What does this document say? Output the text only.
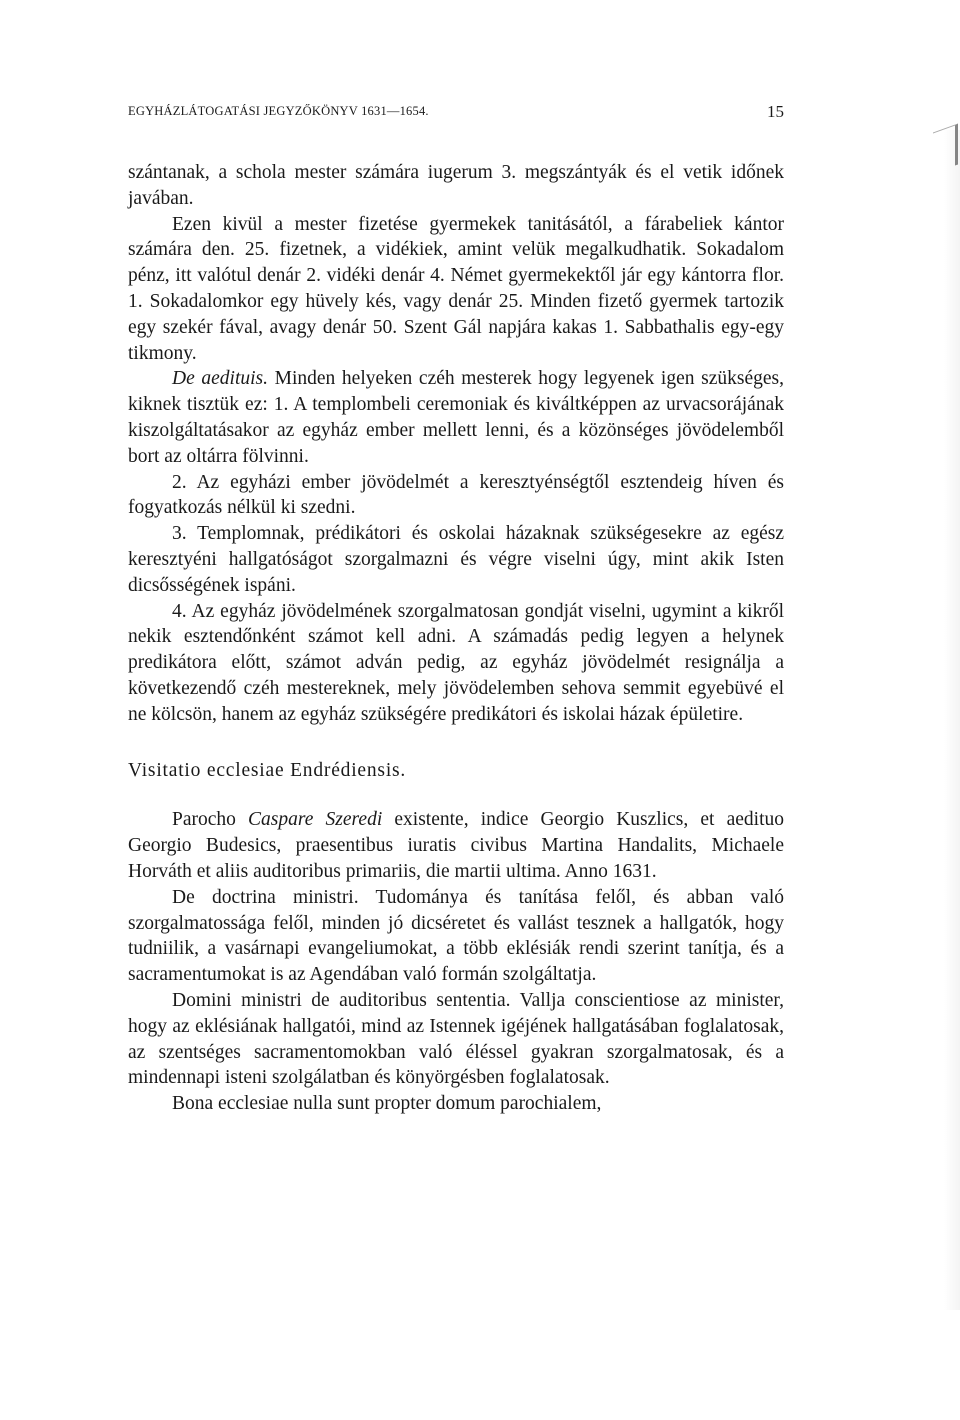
EGYHÁZLÁTOGATÁSI JEGYZŐKÖNYV 1631—1654.	15

szántanak, a schola mester számára iugerum 3. megszántyák és el vetik időnek javában.

Ezen kivül a mester fizetése gyermekek tanitásától, a fárabeliek kántor számára den. 25. fizetnek, a vidékiek, amint velük megalkudhatik. Sokadalom pénz, itt valótul denár 2. vidéki denár 4. Német gyermekektől jár egy kántorra flor. 1. Sokadalomkor egy hüvely kés, vagy denár 25. Minden fizető gyermek tartozik egy szekér fával, avagy denár 50. Szent Gál napjára kakas 1. Sabbathalis egy-egy tikmony.

De aedituis. Minden helyeken czéh mesterek hogy legyenek igen szükséges, kiknek tisztük ez: 1. A templombeli ceremoniak és kiváltképpen az urvacsorájának kiszolgáltatásakor az egyház ember mellett lenni, és a közönséges jövödelemből bort az oltárra fölvinni.

2. Az egyházi ember jövödelmét a keresztyénségtől esztendeig híven és fogyatkozás nélkül ki szedni.

3. Templomnak, prédikátori és oskolai házaknak szükségesekre az egész keresztyéni hallgatóságot szorgalmazni és végre viselni úgy, mint akik Isten dicsősségének ispáni.

4. Az egyház jövödelmének szorgalmatosan gondját viselni, ugymint a kikről nekik esztendőnként számot kell adni. A számadás pedig legyen a helynek predikátora előtt, számot adván pedig, az egyház jövödelmét resignálja a következendő czéh mestereknek, mely jövödelemben sehova semmit egyebüvé el ne kölcsön, hanem az egyház szükségére predikátori és iskolai házak épületire.

Visitatio ecclesiae Endrédiensis.

Parocho Caspare Szeredi existente, indice Georgio Kuszlics, et aedituo Georgio Budesics, praesentibus iuratis civibus Martina Handalits, Michaele Horváth et aliis auditoribus primariis, die martii ultima. Anno 1631.

De doctrina ministri. Tudománya és tanítása felől, és abban való szorgalmatossága felől, minden jó dicséretet és vallást tesznek a hallgatók, hogy tudniilik, a vasárnapi evangeliumokat, a több eklésiák rendi szerint tanítja, és a sacramentumokat is az Agendában való formán szolgáltatja.

Domini ministri de auditoribus sententia. Vallja conscientiose az minister, hogy az eklésiának hallgatói, mind az Istennek igéjének hallgatásában foglalatosak, az szentséges sacramentomokban való éléssel gyakran szorgalmatosak, és a mindennapi isteni szolgálatban és könyörgésben foglalatosak.

Bona ecclesiae nulla sunt propter domum parochialem,
